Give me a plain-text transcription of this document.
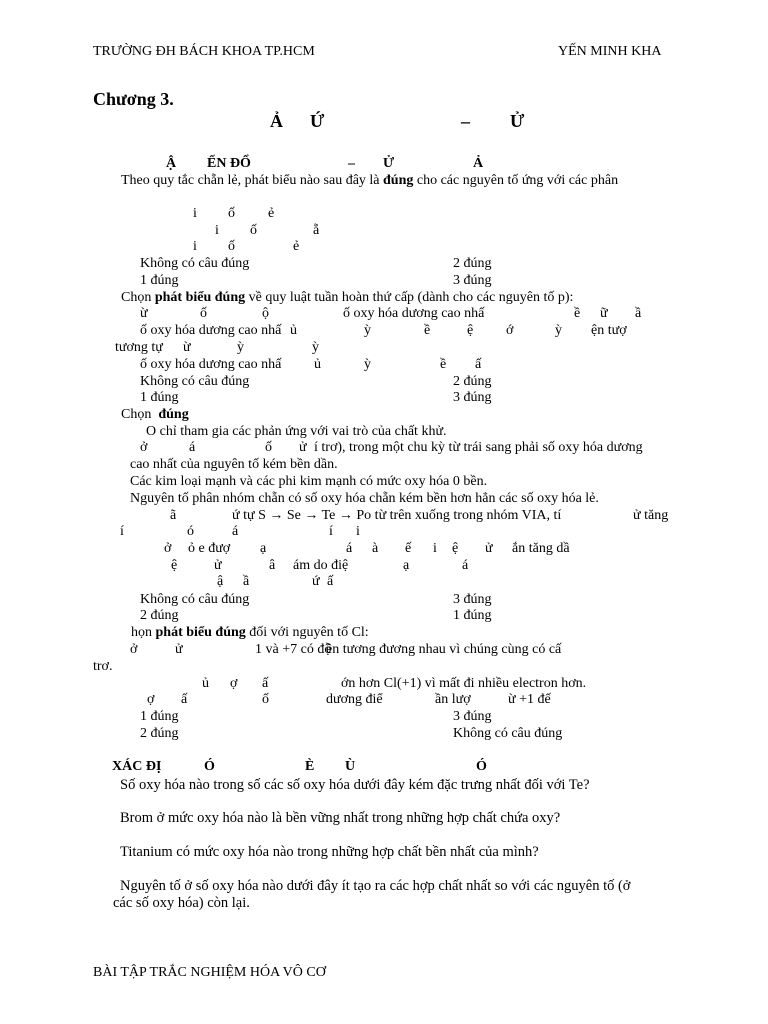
TRƯỜNG ĐH BÁCH KHOA TP.HCM	YẾN MINH KHA
Chương 3.
Ả Ứ	– Ử
Ậ ẾN ĐỔ	– Ử	Ả
Theo quy tắc chẵn lẻ, phát biểu nào sau đây là đúng cho các nguyên tố ứng với các phân
i ố ẻ
i ố	ẵ
i ố	ẻ
Không có câu đúng	2 đúng
1 đúng	3 đúng
Chọn phát biểu đúng về quy luật tuần hoàn thứ cấp (dành cho các nguyên tố p):
ừ	ố	ộ	ố oxy hóa dương cao nhấ	ề ữ ầ
ố oxy hóa dương cao nhấ ủ	ỳ	ề	ệ ớ	ỳ ện tượ
tương tự ừ	ỳ	ỳ
ố oxy hóa dương cao nhấ ủ	ỳ	ề ấ
Không có câu đúng	2 đúng
1 đúng	3 đúng
Chọn đúng
O chỉ tham gia các phản ứng với vai trò của chất khử.
ở	á	ố ử í trơ), trong một chu kỳ từ trái sang phải số oxy hóa dương
cao nhất của nguyên tố kém bền dần.
Các kim loại mạnh và các phi kim mạnh có mức oxy hóa 0 bền.
Nguyên tố phân nhóm chẵn có số oxy hóa chẵn kém bền hơn hẳn các số oxy hóa lẻ.
ã	ứ tự S → Se → Te → Po từ trên xuống trong nhóm VIA, tí	ử tăng
í	ó	á	í i
ở ỏ e đượ ạ	á à ế i ệ ử ắn tăng dầ
ệ	ử	â ám do điệ	ạ	á
ậ ầ	ứ ấ
Không có câu đúng	3 đúng
2 đúng	1 đúng
họn phát biểu đúng đối với nguyên tố Cl:
ở	ử	1 và +7 có độ
ền tương đương nhau vì chúng cùng có cấ
trơ.
ủ ợ ấ	ớn hơn Cl(+1) vì mất đi nhiều electron hơn.
ợ ấ	ố	dương điể	ần lượ	ừ +1 đế
1 đúng	3 đúng
2 đúng	Không có câu đúng
XÁC ĐỊ	Ó	È Ù	Ó
Số oxy hóa nào trong số các số oxy hóa dưới đây kém đặc trưng nhất đối với Te?
Brom ở mức oxy hóa nào là bền vững nhất trong những hợp chất chứa oxy?
Titanium có mức oxy hóa nào trong những hợp chất bền nhất của mình?
Nguyên tố ở số oxy hóa nào dưới đây ít tạo ra các hợp chất nhất so với các nguyên tố (ở
các số oxy hóa) còn lại.
BÀI TẬP TRẮC NGHIỆM HÓA VÔ CƠ
